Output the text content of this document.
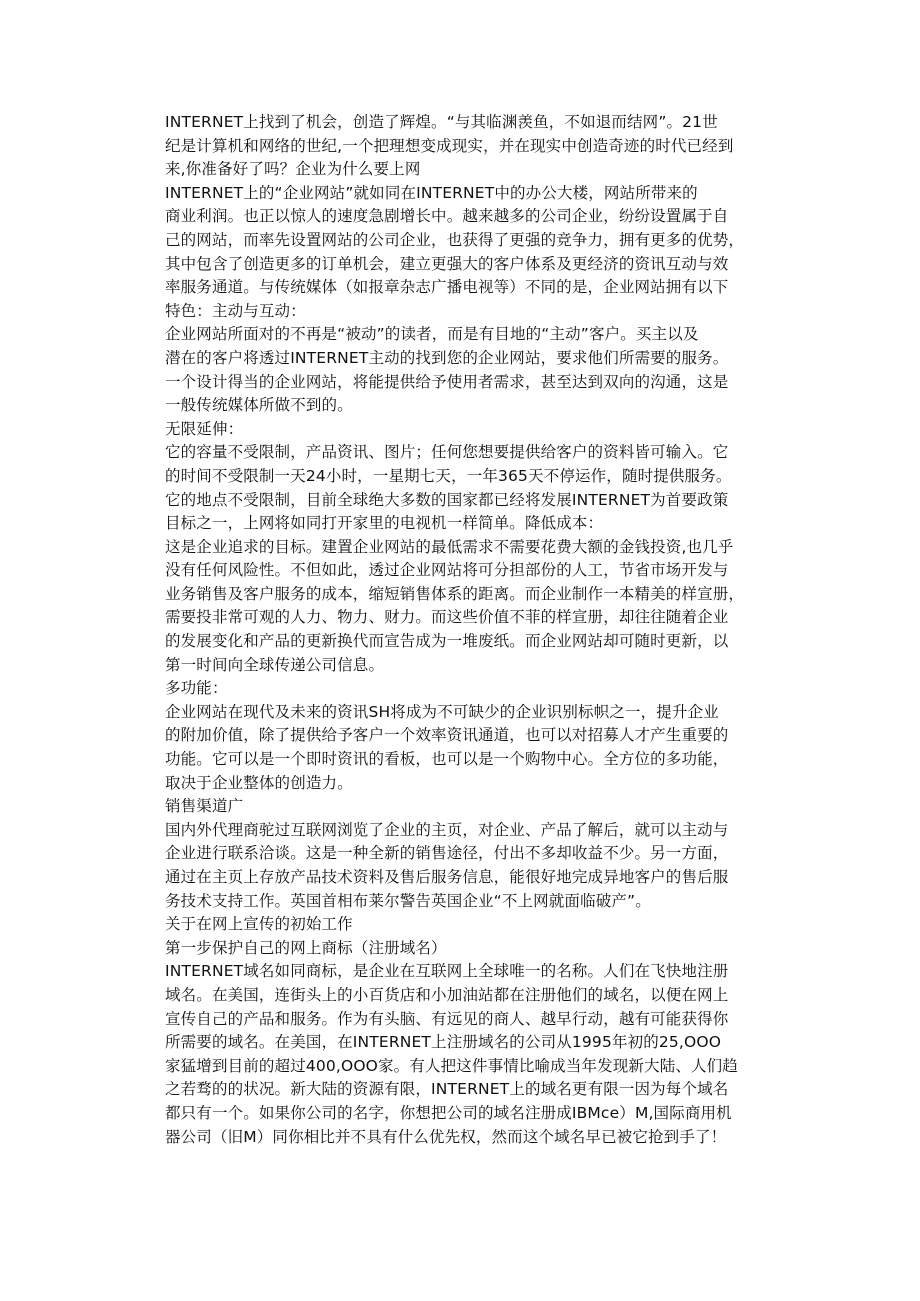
INTERNET上找到了机会，创造了辉煌。“与其临渊羡鱼，不如退而结网”。21世
纪是计算机和网络的世纪,一个把理想变成现实，并在现实中创造奇迹的时代已经到
来,你准备好了吗？企业为什么要上网
INTERNET上的“企业网站”就如同在INTERNET中的办公大楼，网站所带来的
商业利润。也正以惊人的速度急剧增长中。越来越多的公司企业，纷纷设置属于自
己的网站，而率先设置网站的公司企业，也获得了更强的竞争力，拥有更多的优势，
其中包含了创造更多的订单机会，建立更强大的客户体系及更经济的资讯互动与效
率服务通道。与传统媒体（如报章杂志广播电视等）不同的是，企业网站拥有以下
特色：主动与互动：
企业网站所面对的不再是“被动”的读者，而是有目地的“主动”客户。买主以及
潜在的客户将透过INTERNET主动的找到您的企业网站，要求他们所需要的服务。
一个设计得当的企业网站，将能提供给予使用者需求，甚至达到双向的沟通，这是
一般传统媒体所做不到的。
无限延伸：
它的容量不受限制，产品资讯、图片；任何您想要提供给客户的资料皆可输入。它
的时间不受限制一天24小时，一星期七天，一年365天不停运作，随时提供服务。
它的地点不受限制，目前全球绝大多数的国家都已经将发展INTERNET为首要政策
目标之一，上网将如同打开家里的电视机一样简单。降低成本：
这是企业追求的目标。建置企业网站的最低需求不需要花费大额的金钱投资,也几乎
没有任何风险性。不但如此，透过企业网站将可分担部份的人工，节省市场开发与
业务销售及客户服务的成本，缩短销售体系的距离。而企业制作一本精美的样宣册，
需要投非常可观的人力、物力、财力。而这些价值不菲的样宣册，却往往随着企业
的发展变化和产品的更新换代而宣告成为一堆废纸。而企业网站却可随时更新，以
第一时间向全球传递公司信息。
多功能：
企业网站在现代及未来的资讯SH将成为不可缺少的企业识别标帜之一，提升企业
的附加价值，除了提供给予客户一个效率资讯通道，也可以对招募人才产生重要的
功能。它可以是一个即时资讯的看板，也可以是一个购物中心。全方位的多功能，
取决于企业整体的创造力。
销售渠道广
国内外代理商驼过互联网浏览了企业的主页，对企业、产品了解后，就可以主动与
企业进行联系洽谈。这是一种全新的销售途径，付出不多却收益不少。另一方面，
通过在主页上存放产品技术资料及售后服务信息，能很好地完成异地客户的售后服
务技术支持工作。英国首相布莱尔警告英国企业“不上网就面临破产”。
关于在网上宣传的初始工作
第一步保护自己的网上商标（注册域名）
INTERNET域名如同商标，是企业在互联网上全球唯一的名称。人们在飞快地注册
域名。在美国，连街头上的小百货店和小加油站都在注册他们的域名，以便在网上
宣传自己的产品和服务。作为有头脑、有远见的商人、越早行动，越有可能获得你
所需要的域名。在美国，在INTERNET上注册域名的公司从1995年初的25,OOO
家猛增到目前的超过400,OOO家。有人把这件事情比喻成当年发现新大陆、人们趋
之若骛的的状况。新大陆的资源有限，INTERNET上的域名更有限一因为每个域名
都只有一个。如果你公司的名字，你想把公司的域名注册成IBMce）M,国际商用机
器公司（旧M）同你相比并不具有什么优先权，然而这个域名早已被它抢到手了！
